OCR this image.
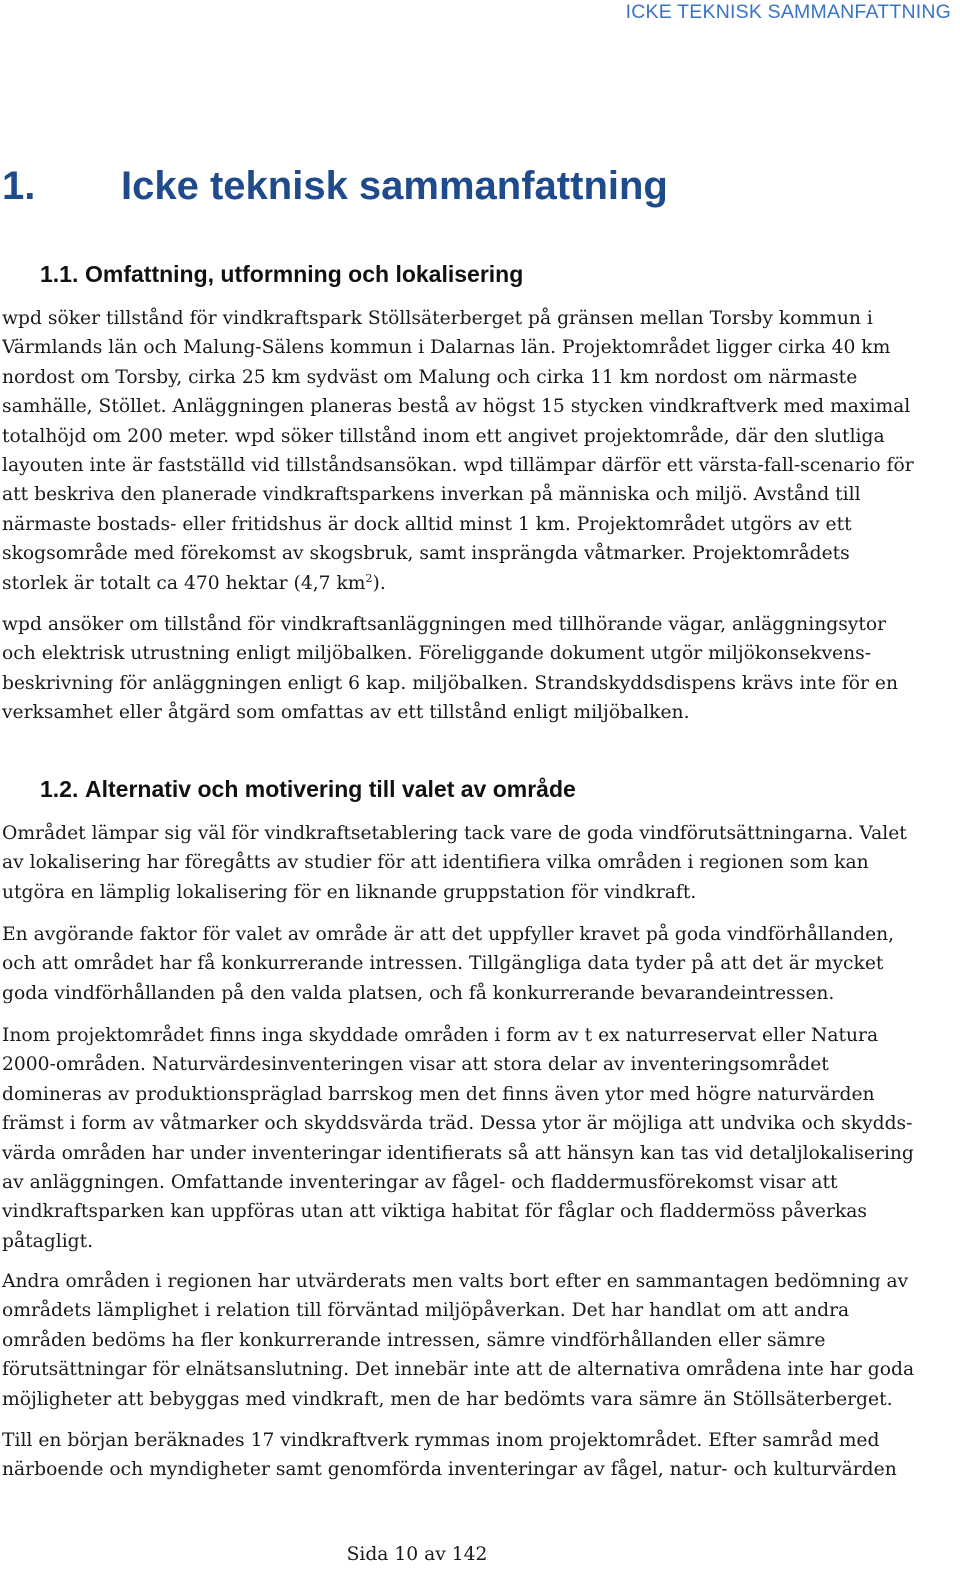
ICKE TEKNISK SAMMANFATTNING
1. Icke teknisk sammanfattning
1.1. Omfattning, utformning och lokalisering

wpd söker tillstånd för vindkraftspark Stöllsäterberget på gränsen mellan Torsby kommun i
Värmlands län och Malung-Sälens kommun i Dalarnas län. Projektområdet ligger cirka 40 km
nordost om Torsby, cirka 25 km sydväst om Malung och cirka 11 km nordost om närmaste
samhälle, Stöllet. Anläggningen planeras bestå av högst 15 stycken vindkraftverk med maximal
totalhöjd om 200 meter. wpd söker tillstånd inom ett angivet projektområde, där den slutliga
layouten inte är fastställd vid tillståndsansökan. wpd tillämpar därför ett värsta-fall-scenario för
att beskriva den planerade vindkraftsparkens inverkan på människa och miljö. Avstånd till
närmaste bostads- eller fritidshus är dock alltid minst 1 km. Projektområdet utgörs av ett
skogsområde med förekomst av skogsbruk, samt insprängda våtmarker. Projektområdets
storlek är totalt ca 470 hektar (4,7 $km^2$).

wpd ansöker om tillstånd för vindkraftsanläggningen med tillhörande vägar, anläggningsytor
och elektrisk utrustning enligt miljöbalken. Föreliggande dokument utgör miljökonsekvens-
beskrivning för anläggningen enligt 6 kap. miljöbalken. Strandskyddsdispens krävs inte för en
verksamhet eller åtgärd som omfattas av ett tillstånd enligt miljöbalken.

1.2. Alternativ och motivering till valet av område

Området lämpar sig väl för vindkraftsetablering tack vare de goda vindförutsättningarna. Valet
av lokalisering har föregåtts av studier för att identifiera vilka områden i regionen som kan
utgöra en lämplig lokalisering för en liknande gruppstation för vindkraft.

En avgörande faktor för valet av område är att det uppfyller kravet på goda vindförhållanden,
och att området har få konkurrerande intressen. Tillgängliga data tyder på att det är mycket
goda vindförhållanden på den valda platsen, och få konkurrerande bevarandeintressen.

Inom projektområdet finns inga skyddade områden i form av t ex naturreservat eller Natura
2000-områden. Naturvärdesinventeringen visar att stora delar av inventeringsområdet
domineras av produktionspräglad barrskog men det finns även ytor med högre naturvärden
främst i form av våtmarker och skyddsvärda träd. Dessa ytor är möjliga att undvika och skydds-
värda områden har under inventeringar identifierats så att hänsyn kan tas vid detaljlokalisering
av anläggningen. Omfattande inventeringar av fågel- och fladdermusförekomst visar att
vindkraftsparken kan uppföras utan att viktiga habitat för fåglar och fladdermöss påverkas
påtagligt.

Andra områden i regionen har utvärderats men valts bort efter en sammantagen bedömning av
områdets lämplighet i relation till förväntad miljöpåverkan. Det har handlat om att andra
områden bedöms ha fler konkurrerande intressen, sämre vindförhållanden eller sämre
förutsättningar för elnätsanslutning. Det innebär inte att de alternativa områdena inte har goda
möjligheter att bebyggas med vindkraft, men de har bedömts vara sämre än Stöllsäterberget.

Till en början beräknades 17 vindkraftverk rymmas inom projektområdet. Efter samråd med
närboende och myndigheter samt genomförda inventeringar av fågel, natur- och kulturvärden

Sida 10 av 142
